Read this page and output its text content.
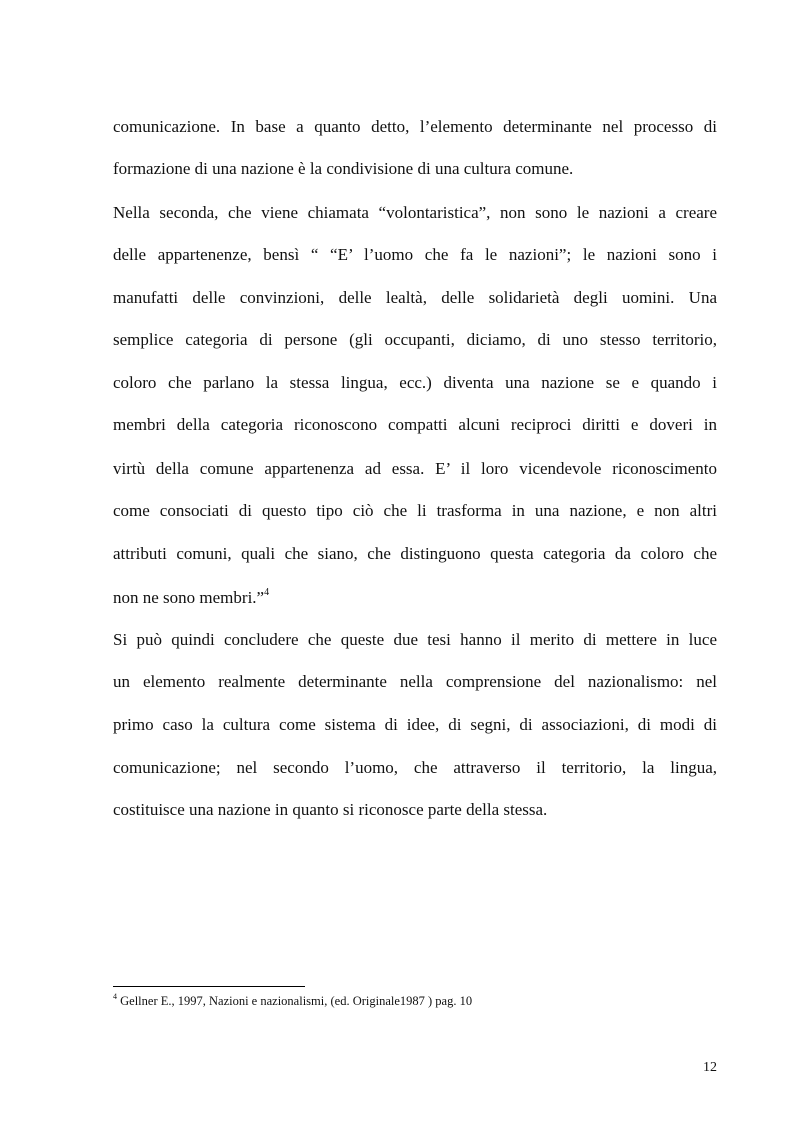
comunicazione. In base a quanto detto, l’elemento determinante nel processo di

formazione di una nazione è la condivisione di una cultura comune.

Nella seconda, che viene chiamata “volontaristica”, non sono le nazioni a creare

delle appartenenze, bensì “ “E’ l’uomo che fa le nazioni”; le nazioni sono i

manufatti delle convinzioni, delle lealtà, delle solidarietà degli uomini. Una

semplice categoria di persone (gli occupanti, diciamo, di uno stesso territorio,

coloro che parlano la stessa lingua, ecc.) diventa una nazione se e quando i

membri della categoria riconoscono compatti alcuni reciproci diritti e doveri in

virtù della comune appartenenza ad essa. E’ il loro vicendevole riconoscimento

come consociati di questo tipo ciò che li trasforma in una nazione, e non altri

attributi comuni, quali che siano, che distinguono questa categoria da coloro che

non ne sono membri.”$^4$

Si può quindi concludere che queste due tesi hanno il merito di mettere in luce

un elemento realmente determinante nella comprensione del nazionalismo: nel

primo caso la cultura come sistema di idee, di segni, di associazioni, di modi di

comunicazione; nel secondo l’uomo, che attraverso il territorio, la lingua,

costituisce una nazione in quanto si riconosce parte della stessa.

$^4$ Gellner E., 1997, Nazioni e nazionalismi, (ed. Originale1987 ) pag. 10

12
